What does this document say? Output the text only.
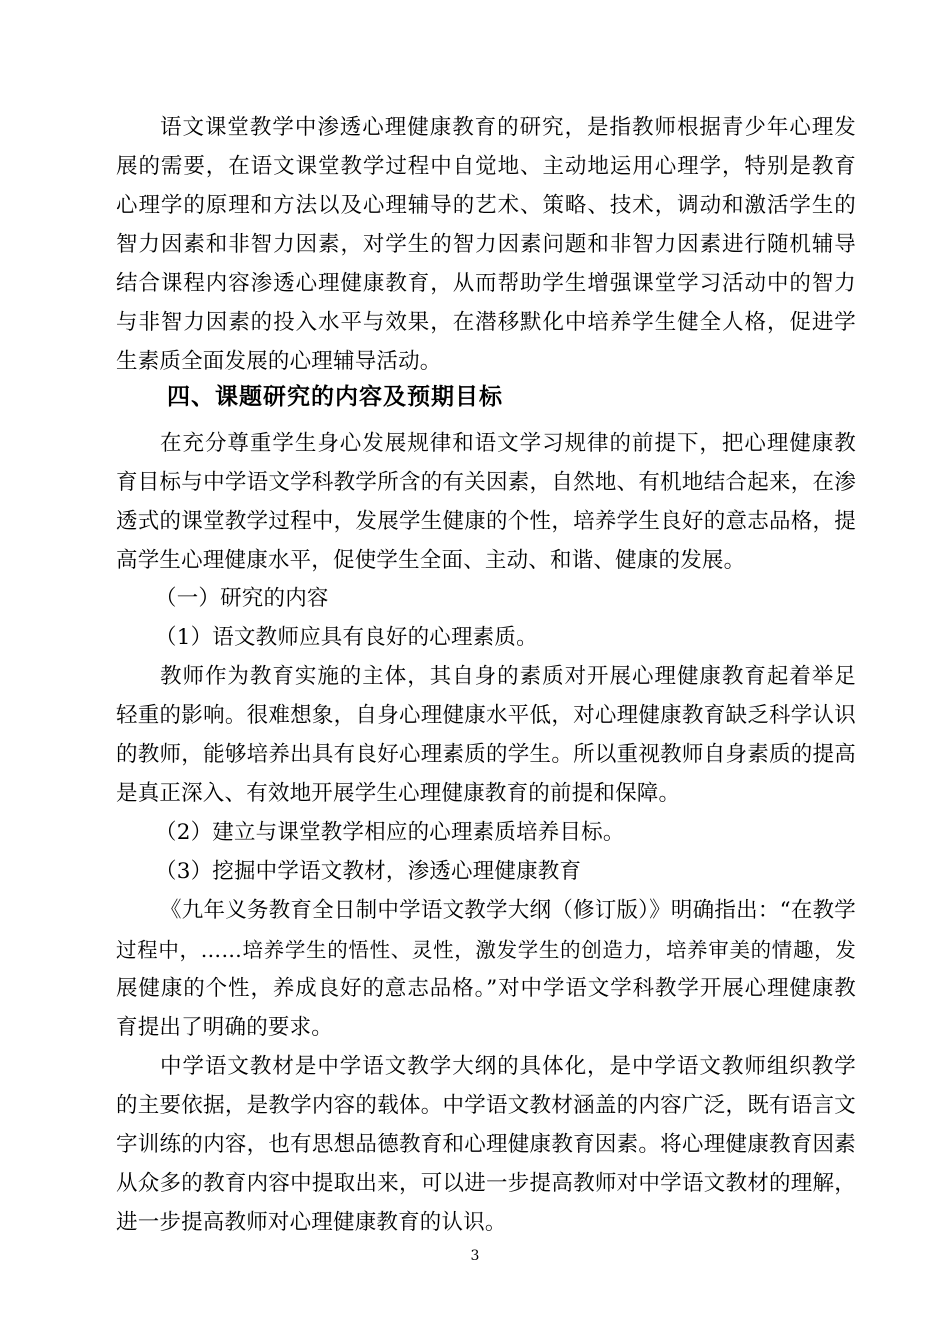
语文课堂教学中渗透心理健康教育的研究，是指教师根据青少年心理发
展的需要，在语文课堂教学过程中自觉地、主动地运用心理学，特别是教育
心理学的原理和方法以及心理辅导的艺术、策略、技术，调动和激活学生的
智力因素和非智力因素，对学生的智力因素问题和非智力因素进行随机辅导
结合课程内容渗透心理健康教育，从而帮助学生增强课堂学习活动中的智力
与非智力因素的投入水平与效果，在潜移默化中培养学生健全人格，促进学
生素质全面发展的心理辅导活动。
四、课题研究的内容及预期目标
在充分尊重学生身心发展规律和语文学习规律的前提下，把心理健康教
育目标与中学语文学科教学所含的有关因素，自然地、有机地结合起来，在渗
透式的课堂教学过程中，发展学生健康的个性，培养学生良好的意志品格，提
高学生心理健康水平，促使学生全面、主动、和谐、健康的发展。
（一）研究的内容
（1）语文教师应具有良好的心理素质。
教师作为教育实施的主体，其自身的素质对开展心理健康教育起着举足
轻重的影响。很难想象，自身心理健康水平低，对心理健康教育缺乏科学认识
的教师，能够培养出具有良好心理素质的学生。所以重视教师自身素质的提高
是真正深入、有效地开展学生心理健康教育的前提和保障。
（2）建立与课堂教学相应的心理素质培养目标。
（3）挖掘中学语文教材，渗透心理健康教育
《九年义务教育全日制中学语文教学大纲（修订版）》明确指出：“在教学
过程中，……培养学生的悟性、灵性，激发学生的创造力，培养审美的情趣，发
展健康的个性，养成良好的意志品格。”对中学语文学科教学开展心理健康教
育提出了明确的要求。
中学语文教材是中学语文教学大纲的具体化，是中学语文教师组织教学
的主要依据，是教学内容的载体。中学语文教材涵盖的内容广泛，既有语言文
字训练的内容，也有思想品德教育和心理健康教育因素。将心理健康教育因素
从众多的教育内容中提取出来，可以进一步提高教师对中学语文教材的理解，
进一步提高教师对心理健康教育的认识。
3
